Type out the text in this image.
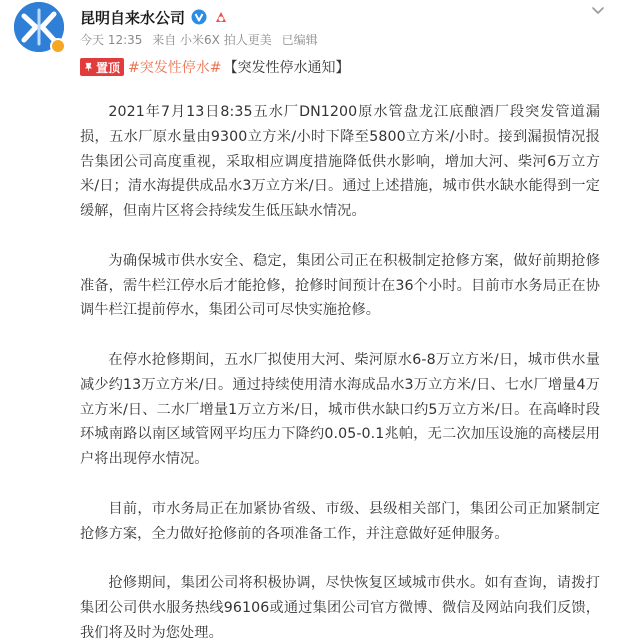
昆明自来水公司
今天 12:35 来自 小米6X 拍人更美 已编辑
置顶 #突发性停水# 【突发性停水通知】

2021年7月13日8:35五水厂DN1200原水管盘龙江底酿酒厂段突发管道漏损，五水厂原水量由9300立方米/小时下降至5800立方米/小时。接到漏损情况报告集团公司高度重视，采取相应调度措施降低供水影响，增加大河、柴河6万立方米/日；清水海提供成品水3万立方米/日。通过上述措施，城市供水缺水能得到一定缓解，但南片区将会持续发生低压缺水情况。

为确保城市供水安全、稳定，集团公司正在积极制定抢修方案，做好前期抢修准备，需牛栏江停水后才能抢修，抢修时间预计在36个小时。目前市水务局正在协调牛栏江提前停水，集团公司可尽快实施抢修。

在停水抢修期间，五水厂拟使用大河、柴河原水6-8万立方米/日，城市供水量减少约13万立方米/日。通过持续使用清水海成品水3万立方米/日、七水厂增量4万立方米/日、二水厂增量1万立方米/日，城市供水缺口约5万立方米/日。在高峰时段环城南路以南区域管网平均压力下降约0.05-0.1兆帕，无二次加压设施的高楼层用户将出现停水情况。

目前，市水务局正在加紧协省级、市级、县级相关部门，集团公司正加紧制定抢修方案，全力做好抢修前的各项准备工作，并注意做好延伸服务。

抢修期间，集团公司将积极协调，尽快恢复区域城市供水。如有查询，请拨打集团公司供水服务热线96106或通过集团公司官方微博、微信及网站向我们反馈，我们将及时为您处理。
